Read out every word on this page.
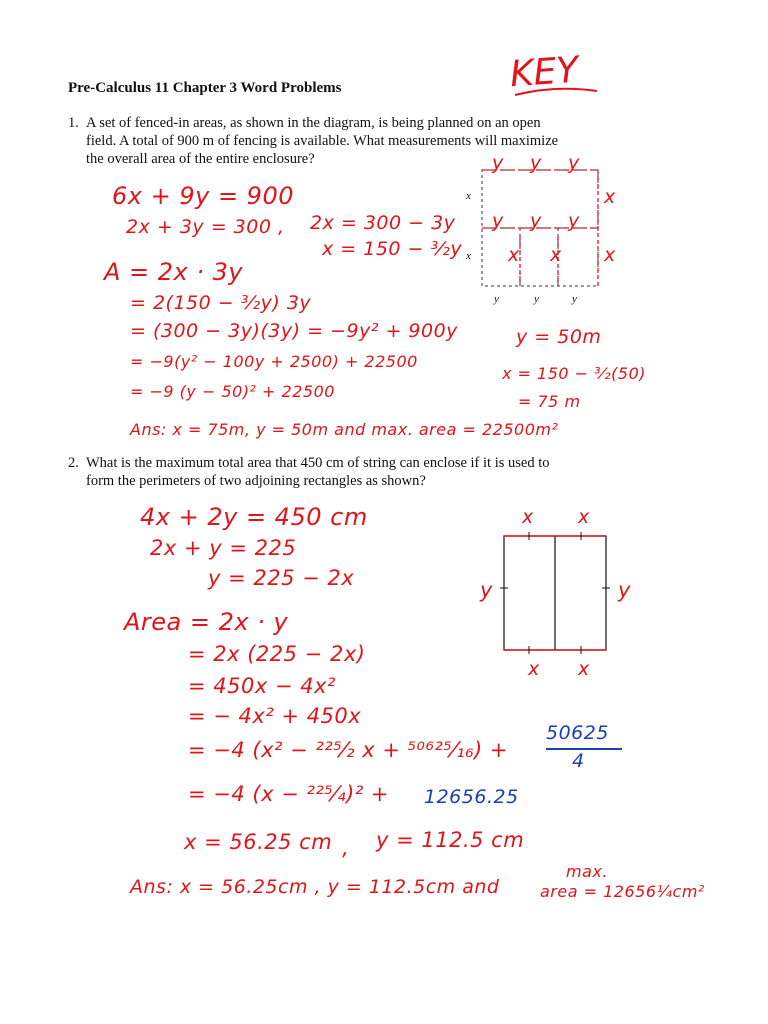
Pre-Calculus 11 Chapter 3 Word Problems	KEY
1. A set of fenced-in areas, as shown in the diagram, is being planned on an open
field. A total of 900 m of fencing is available. What measurements will maximize
the overall area of the entire enclosure?
6x + 9y = 900
2x + 3y = 300 , 2x = 300 − 3y
x = 150 − ³⁄₂y
A = 2x · 3y
= 2(150 − ³⁄₂y) 3y
= (300 − 3y)(3y) = −9y² + 900y
= −9(y² − 100y + 2500) + 22500
= −9 (y − 50)² + 22500
y = 50m
x = 150 − ³⁄₂(50)
= 75 m
Ans: x = 75m, y = 50m and max. area = 22500m²
x
x
y	y	y
y y y
y y y
x
x
x x
2. What is the maximum total area that 450 cm of string can enclose if it is used to
form the perimeters of two adjoining rectangles as shown?
4x + 2y = 450 cm
2x + y = 225
y = 225 − 2x
Area = 2x · y
= 2x (225 − 2x)
= 450x − 4x²
= − 4x² + 450x
= −4 (x² − ²²⁵⁄₂ x + ⁵⁰⁶²⁵⁄₁₆) +
= −4 (x − ²²⁵⁄₄)² +
x = 56.25 cm , y = 112.5 cm
50625
4
12656.25
Ans: x = 56.25cm , y = 112.5cm and
max.
area = 12656¼cm²
x x
x x
y	y
